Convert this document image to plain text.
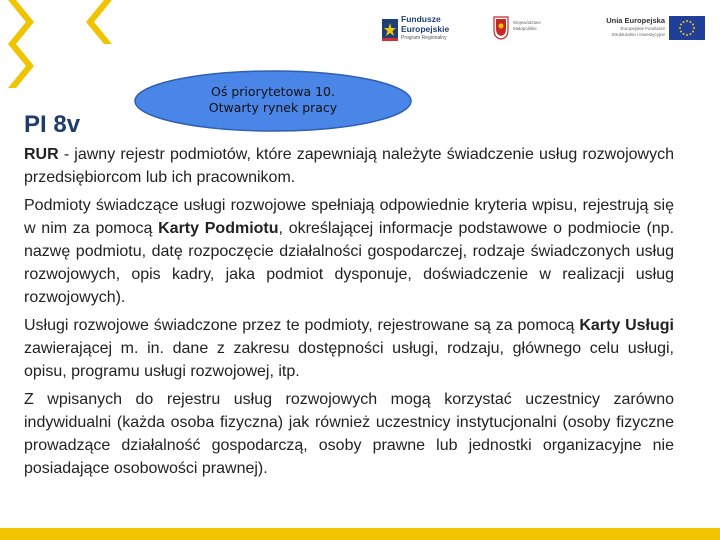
Fundusze
Europejskie
Program Regionalny
Województwo
Małopolskie
Unia Europejska
Europejskie Fundusze
Strukturalne i Inwestycyjne
Oś priorytetowa 10.
Otwarty rynek pracy
PI 8v

RUR - jawny rejestr podmiotów, które zapewniają należyte świadczenie usług rozwojowych przedsiębiorcom lub ich pracownikom.

Podmioty świadczące usługi rozwojowe spełniają odpowiednie kryteria wpisu, rejestrują się w nim za pomocą Karty Podmiotu, określającej informacje podstawowe o podmiocie (np. nazwę podmiotu, datę rozpoczęcie działalności gospodarczej, rodzaje świadczonych usług rozwojowych, opis kadry, jaka podmiot dysponuje, doświadczenie w realizacji usług rozwojowych).

Usługi rozwojowe świadczone przez te podmioty, rejestrowane są za pomocą Karty Usługi zawierającej m. in. dane z zakresu dostępności usługi, rodzaju, głównego celu usługi, opisu, programu usługi rozwojowej, itp.

Z wpisanych do rejestru usług rozwojowych mogą korzystać uczestnicy zarówno indywidualni (każda osoba fizyczna) jak również uczestnicy instytucjonalni (osoby fizyczne prowadzące działalność gospodarczą, osoby prawne lub jednostki organizacyjne nie posiadające osobowości prawnej).
